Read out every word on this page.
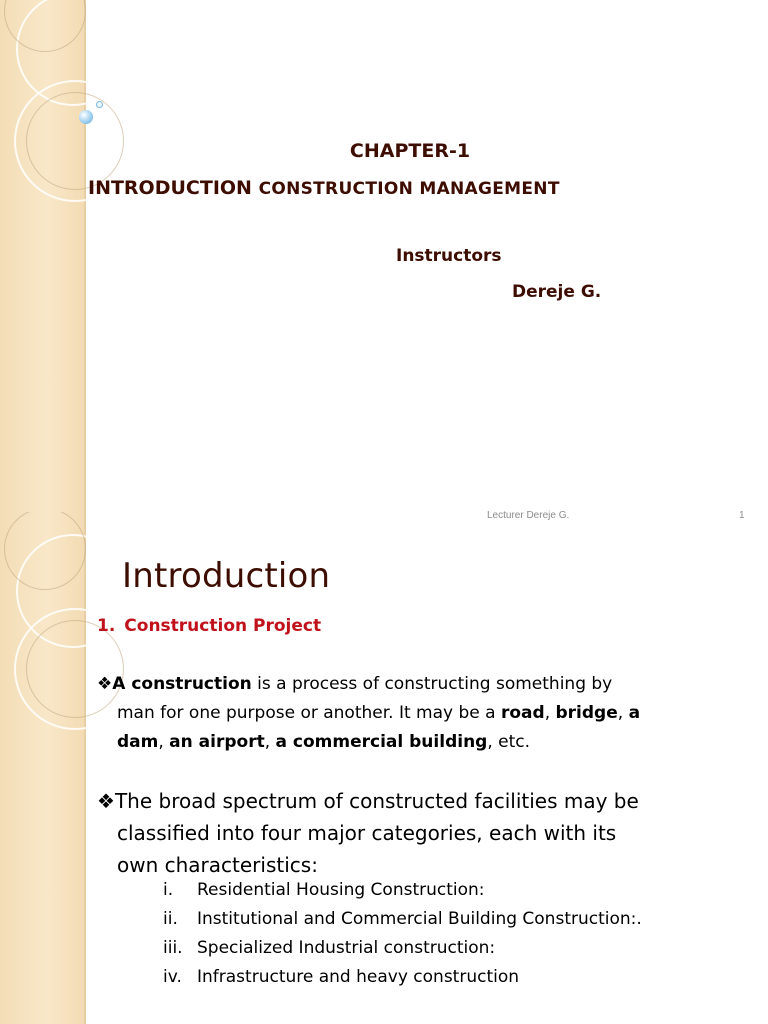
CHAPTER-1
INTRODUCTION CONSTRUCTION MANAGEMENT
Instructors
Dereje G.
Introduction
1. Construction Project
❖A construction is a process of constructing something by
man for one purpose or another. It may be a road, bridge, a
dam, an airport, a commercial building, etc.
❖The broad spectrum of constructed facilities may be
classified into four major categories, each with its
own characteristics:
i. Residential Housing Construction:
ii. Institutional and Commercial Building Construction:.
iii. Specialized Industrial construction:
iv. Infrastructure and heavy construction
Lecturer Dereje G.	1
